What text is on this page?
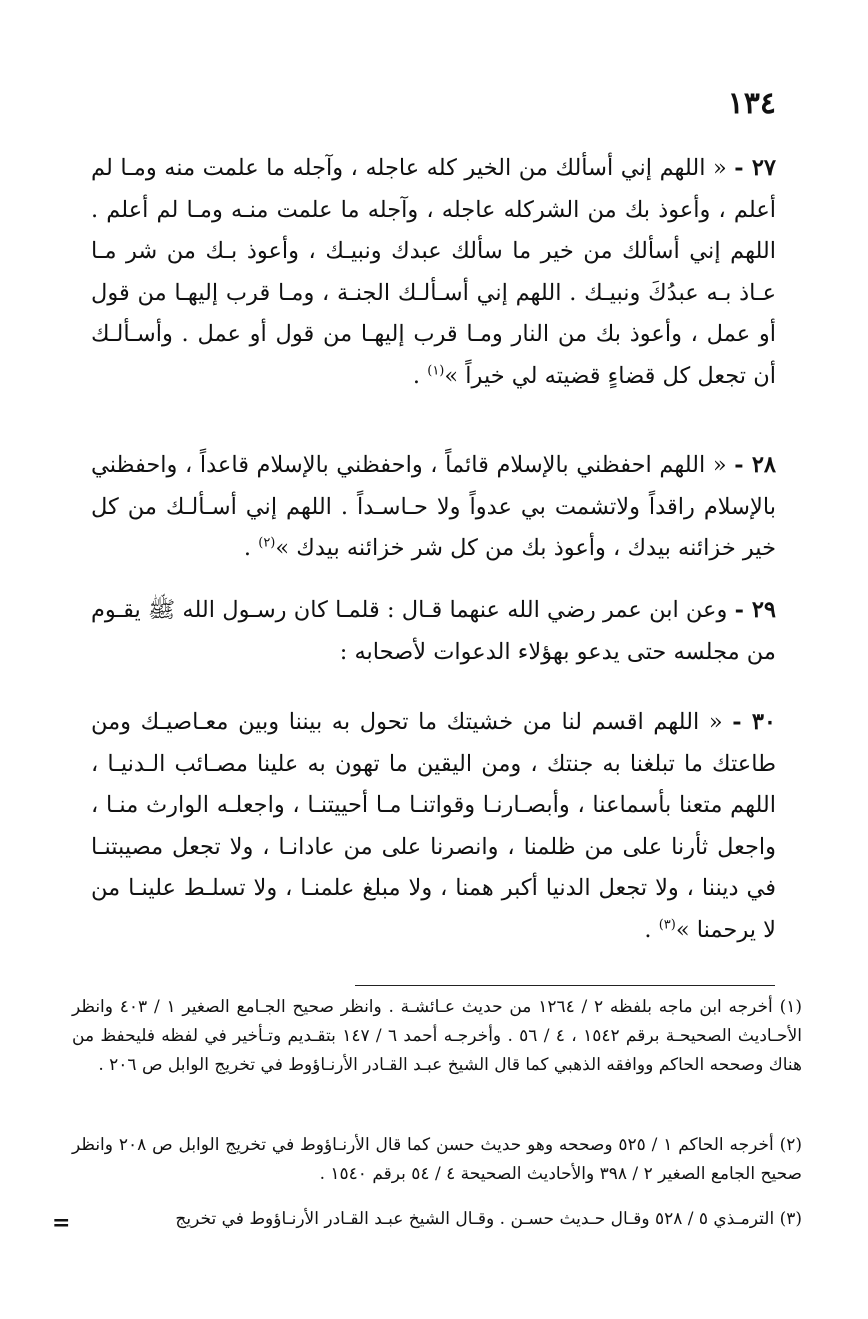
١٣٤

٢٧ - « اللهم إني أسألك من الخير كله عاجله ، وآجله ما علمت منه ومـا لم أعلم ، وأعوذ بك من الشركله عاجله ، وآجله ما علمت منـه ومـا لم أعلم . اللهم إني أسألك من خير ما سألك عبدك ونبيـك ، وأعوذ بـك من شر مـا عـاذ بـه عبدُكَ ونبيـك . اللهم إني أسـألـك الجنـة ، ومـا قرب إليهـا من قول أو عمل ، وأعوذ بك من النار ومـا قرب إليهـا من قول أو عمل . وأسـألـك أن تجعل كل قضاءٍ قضيته لي خيراً »$^{(١)}$ .

٢٨ - « اللهم احفظني بالإسلام قائماً ، واحفظني بالإسلام قاعداً ، واحفظني بالإسلام راقداً ولاتشمت بي عدواً ولا حـاسـداً . اللهم إني أسـألـك من كل خير خزائنه بيدك ، وأعوذ بك من كل شر خزائنه بيدك »$^{(٢)}$ .

٢٩ - وعن ابن عمر رضي الله عنهما قـال : قلمـا كان رسـول الله ﷺ يقـوم من مجلسه حتى يدعو بهؤلاء الدعوات لأصحابه :

٣٠ - « اللهم اقسم لنا من خشيتك ما تحول به بيننا وبين معـاصيـك ومن طاعتك ما تبلغنا به جنتك ، ومن اليقين ما تهون به علينا مصـائب الـدنيـا ، اللهم متعنا بأسماعنا ، وأبصـارنـا وقواتنـا مـا أحييتنـا ، واجعلـه الوارث منـا ، واجعل ثأرنا على من ظلمنا ، وانصرنا على من عادانـا ، ولا تجعل مصيبتنـا في ديننا ، ولا تجعل الدنيا أكبر همنا ، ولا مبلغ علمنـا ، ولا تسلـط علينـا من لا يرحمنا »$^{(٣)}$ .

(١) أخرجه ابن ماجه بلفظه ٢ / ١٢٦٤ من حديث عـائشـة . وانظر صحيح الجـامع الصغير ١ / ٤٠٣ وانظر الأحـاديث الصحيحـة برقم ١٥٤٢ ، ٤ / ٥٦ . وأخرجـه أحمد ٦ / ١٤٧ بتقـديم وتـأخير في لفظه فليحفظ من هناك وصححه الحاكم ووافقه الذهبي كما قال الشيخ عبـد القـادر الأرنـاؤوط في تخريج الوابل ص ٢٠٦ .

(٢) أخرجه الحاكم ١ / ٥٢٥ وصححه وهو حديث حسن كما قال الأرنـاؤوط في تخريج الوابل ص ٢٠٨ وانظر صحيح الجامع الصغير ٢ / ٣٩٨ والأحاديث الصحيحة ٤ / ٥٤ برقم ١٥٤٠ .

(٣) الترمـذي ٥ / ٥٢٨ وقـال حـديث حسـن . وقـال الشيخ عبـد القـادر الأرنـاؤوط في تخريج

=
